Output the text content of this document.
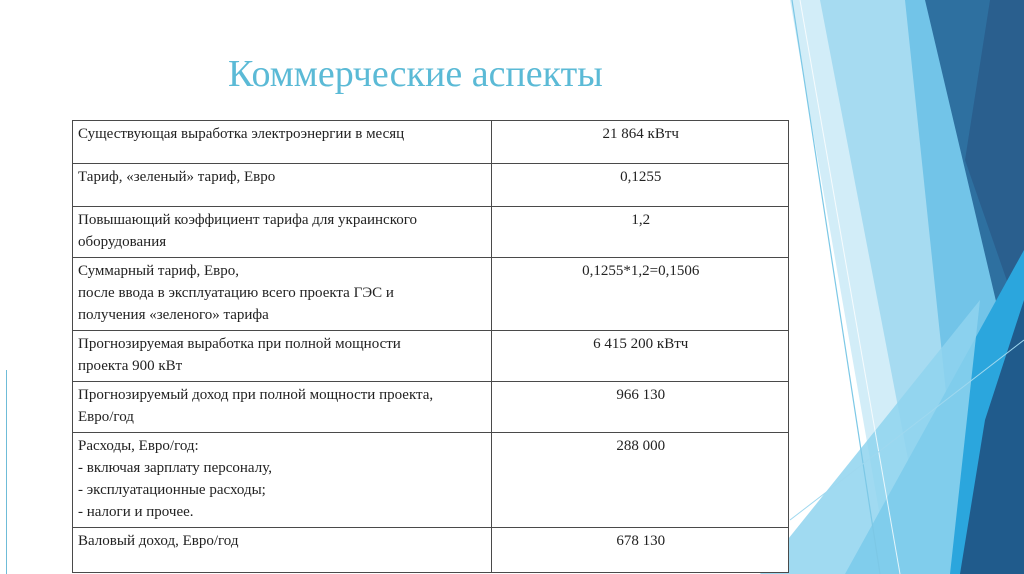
Коммерческие аспекты
Существующая выработка электроэнергии в месяц	21 864 кВтч

Тариф, «зеленый» тариф, Евро	0,1255

Повышающий коэффициент тарифа для украинского
оборудования	1,2

Суммарный тариф, Евро,
после ввода в эксплуатацию всего проекта ГЭС и
получения «зеленого» тарифа	0,1255*1,2=0,1506

Прогнозируемая выработка при полной мощности
проекта 900 кВт	6 415 200 кВтч

Прогнозируемый доход при полной мощности проекта,
Евро/год	966 130

Расходы, Евро/год:
- включая зарплату персоналу,
- эксплуатационные расходы;
- налоги и прочее.	288 000

Валовый доход, Евро/год	678 130
